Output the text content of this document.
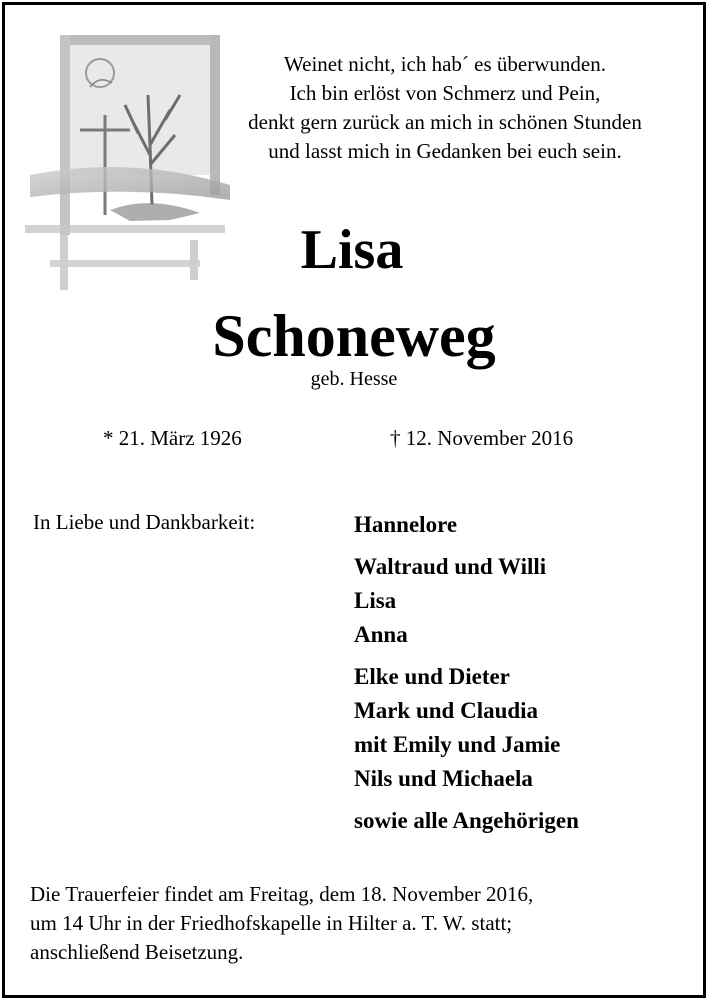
Weinet nicht, ich hab´ es überwunden.
Ich bin erlöst von Schmerz und Pein,
denkt gern zurück an mich in schönen Stunden
und lasst mich in Gedanken bei euch sein.
Lisa
Schoneweg
geb. Hesse
* 21. März 1926	† 12. November 2016
In Liebe und Dankbarkeit:	Hannelore
Waltraud und Willi
Lisa
Anna
Elke und Dieter
Mark und Claudia
mit Emily und Jamie
Nils und Michaela
sowie alle Angehörigen
Die Trauerfeier findet am Freitag, dem 18. November 2016,
um 14 Uhr in der Friedhofskapelle in Hilter a. T. W. statt;
anschließend Beisetzung.
